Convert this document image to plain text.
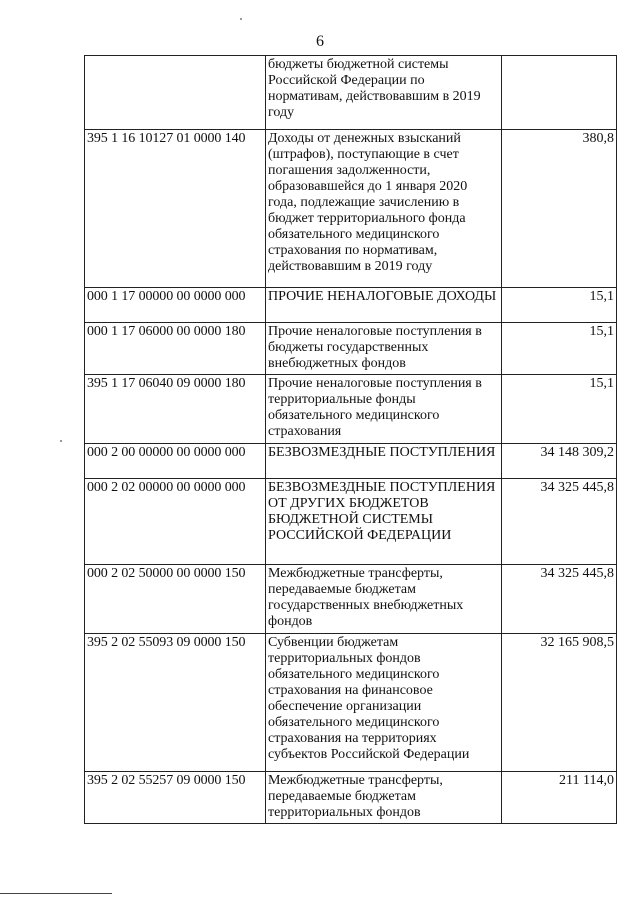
6
	бюджеты бюджетной системы Российской Федерации по нормативам, действовавшим в 2019 году	
395 1 16 10127 01 0000 140	Доходы от денежных взысканий (штрафов), поступающие в счет погашения задолженности, образовавшейся до 1 января 2020 года, подлежащие зачислению в бюджет территориального фонда обязательного медицинского страхования по нормативам, действовавшим в 2019 году	380,8
000 1 17 00000 00 0000 000	ПРОЧИЕ НЕНАЛОГОВЫЕ ДОХОДЫ	15,1
000 1 17 06000 00 0000 180	Прочие неналоговые поступления в бюджеты государственных внебюджетных фондов	15,1
395 1 17 06040 09 0000 180	Прочие неналоговые поступления в территориальные фонды обязательного медицинского страхования	15,1
000 2 00 00000 00 0000 000	БЕЗВОЗМЕЗДНЫЕ ПОСТУПЛЕНИЯ	34 148 309,2
000 2 02 00000 00 0000 000	БЕЗВОЗМЕЗДНЫЕ ПОСТУПЛЕНИЯ ОТ ДРУГИХ БЮДЖЕТОВ БЮДЖЕТНОЙ СИСТЕМЫ РОССИЙСКОЙ ФЕДЕРАЦИИ	34 325 445,8
000 2 02 50000 00 0000 150	Межбюджетные трансферты, передаваемые бюджетам государственных внебюджетных фондов	34 325 445,8
395 2 02 55093 09 0000 150	Субвенции бюджетам территориальных фондов обязательного медицинского страхования на финансовое обеспечение организации обязательного медицинского страхования на территориях субъектов Российской Федерации	32 165 908,5
395 2 02 55257 09 0000 150	Межбюджетные трансферты, передаваемые бюджетам территориальных фондов	211 114,0
